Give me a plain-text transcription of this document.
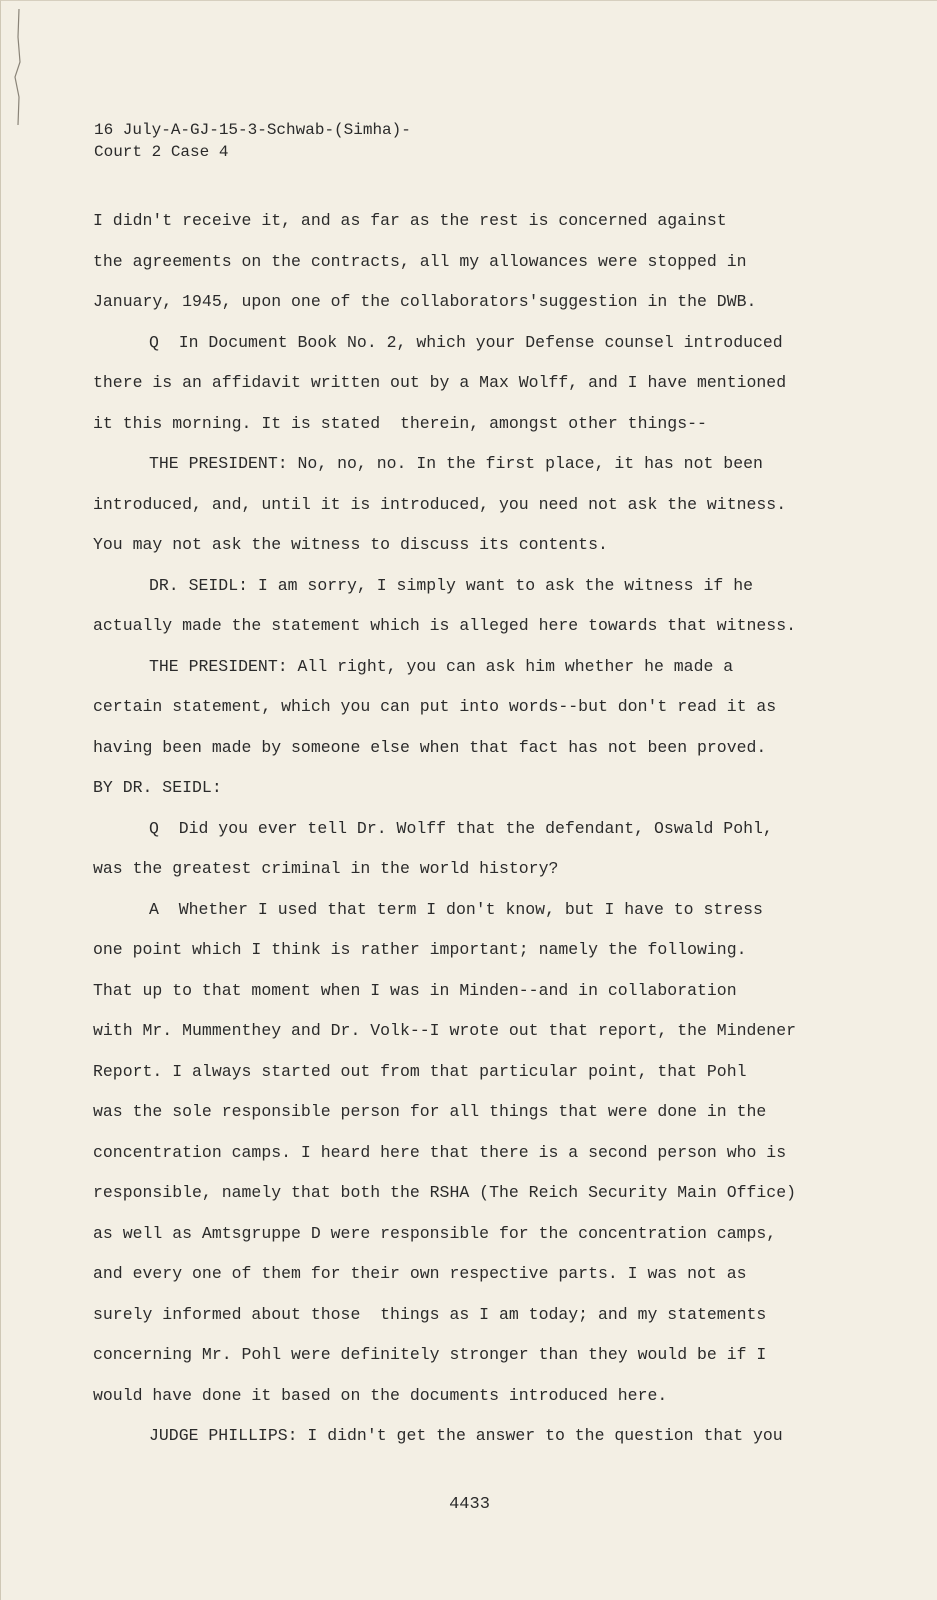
16 July-A-GJ-15-3-Schwab-(Simha)-
Court 2 Case 4
I didn't receive it, and as far as the rest is concerned against
the agreements on the contracts, all my allowances were stopped in
January, 1945, upon one of the collaborators'suggestion in the DWB.
Q  In Document Book No. 2, which your Defense counsel introduced
there is an affidavit written out by a Max Wolff, and I have mentioned
it this morning. It is stated  therein, amongst other things--
THE PRESIDENT: No, no, no. In the first place, it has not been
introduced, and, until it is introduced, you need not ask the witness.
You may not ask the witness to discuss its contents.
DR. SEIDL: I am sorry, I simply want to ask the witness if he
actually made the statement which is alleged here towards that witness.
THE PRESIDENT: All right, you can ask him whether he made a
certain statement, which you can put into words--but don't read it as
having been made by someone else when that fact has not been proved.
BY DR. SEIDL:
Q  Did you ever tell Dr. Wolff that the defendant, Oswald Pohl,
was the greatest criminal in the world history?
A  Whether I used that term I don't know, but I have to stress
one point which I think is rather important; namely the following.
That up to that moment when I was in Minden--and in collaboration
with Mr. Mummenthey and Dr. Volk--I wrote out that report, the Mindener
Report. I always started out from that particular point, that Pohl
was the sole responsible person for all things that were done in the
concentration camps. I heard here that there is a second person who is
responsible, namely that both the RSHA (The Reich Security Main Office)
as well as Amtsgruppe D were responsible for the concentration camps,
and every one of them for their own respective parts. I was not as
surely informed about those  things as I am today; and my statements
concerning Mr. Pohl were definitely stronger than they would be if I
would have done it based on the documents introduced here.
JUDGE PHILLIPS: I didn't get the answer to the question that you
4433
